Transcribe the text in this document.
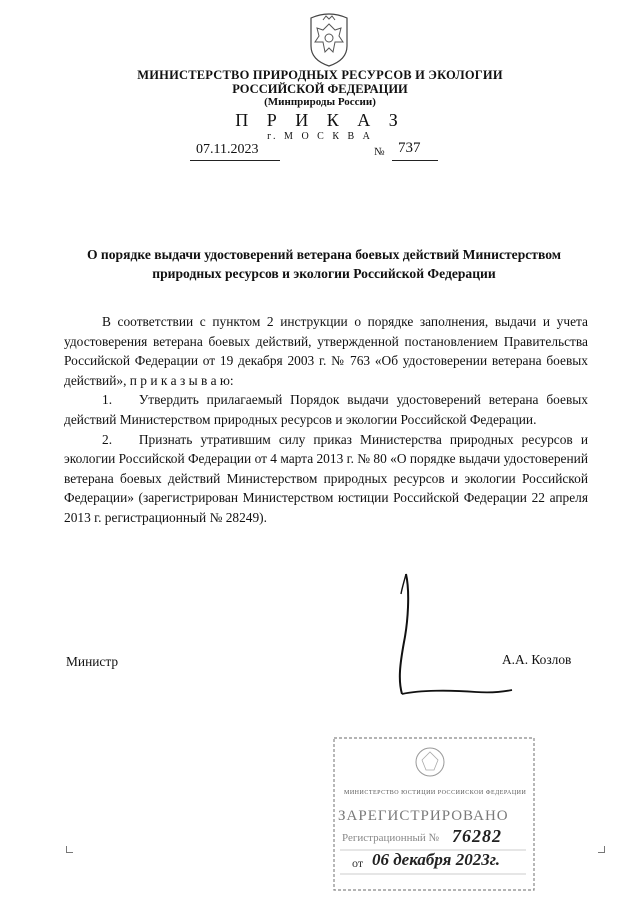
МИНИСТЕРСТВО ПРИРОДНЫХ РЕСУРСОВ И ЭКОЛОГИИ
РОССИЙСКОЙ ФЕДЕРАЦИИ
(Минприроды России)
П Р И К А З
г. М О С К В А
07.11.2023	№ 737
О порядке выдачи удостоверений ветерана боевых действий Министерством
природных ресурсов и экологии Российской Федерации

В соответствии с пунктом 2 инструкции о порядке заполнения, выдачи и учета удостоверения ветерана боевых действий, утвержденной постановлением Правительства Российской Федерации от 19 декабря 2003 г. № 763 «Об удостоверении ветерана боевых действий», п р и к а з ы в а ю:

1.  Утвердить прилагаемый Порядок выдачи удостоверений ветерана боевых действий Министерством природных ресурсов и экологии Российской Федерации.

2.  Признать утратившим силу приказ Министерства природных ресурсов и экологии Российской Федерации от 4 марта 2013 г. № 80 «О порядке выдачи удостоверений ветерана боевых действий Министерством природных ресурсов и экологии Российской Федерации» (зарегистрирован Министерством юстиции Российской Федерации 22 апреля 2013 г. регистрационный № 28249).

Министр	А.А. Козлов
МИНИСТЕРСТВО ЮСТИЦИИ РОССИЙСКОЙ ФЕДЕРАЦИИ
ЗАРЕГИСТРИРОВАНО
Регистрационный № 76282
от 06 декабря 2023г.
